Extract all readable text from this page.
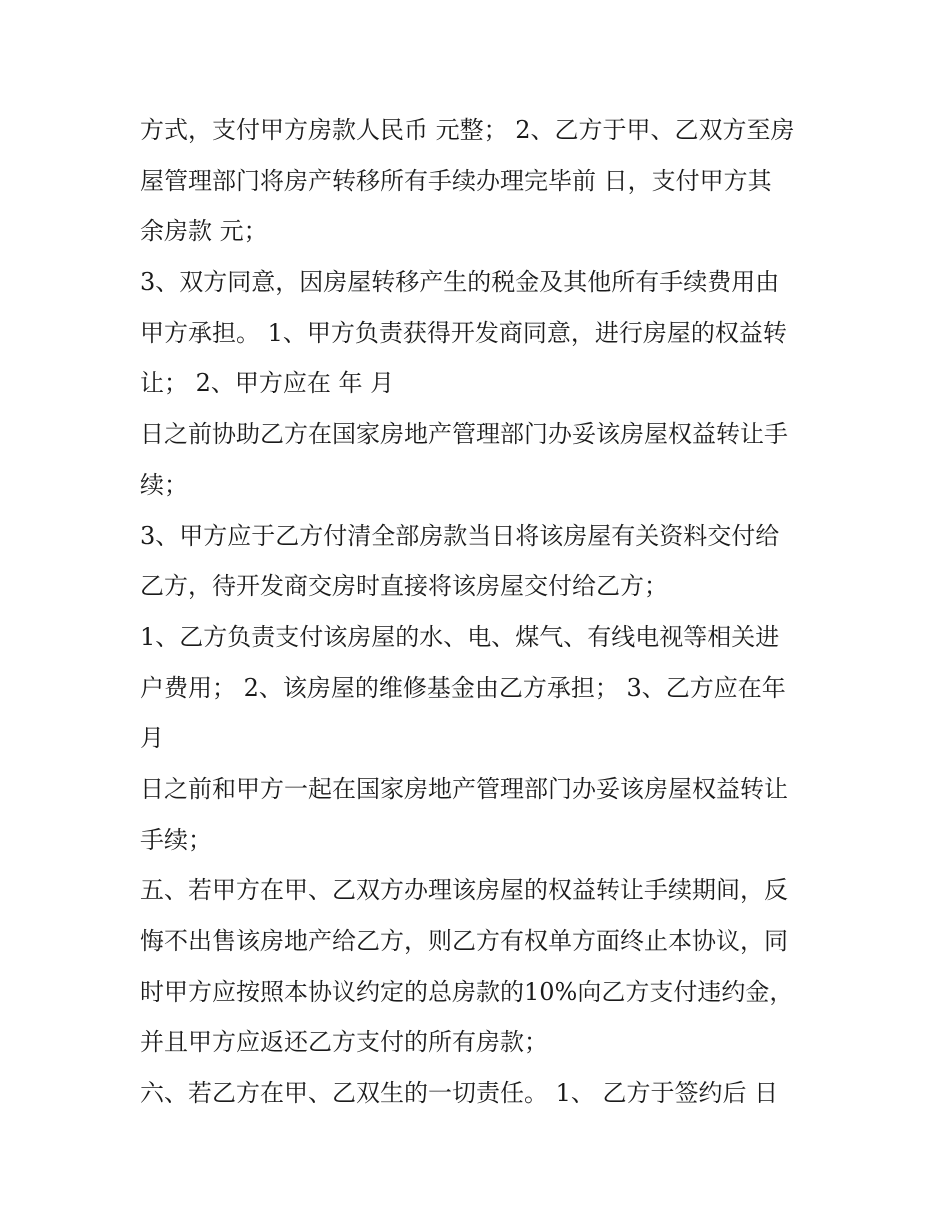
方式，支付甲方房款人民币 元整； 2、乙方于甲、乙双方至房
屋管理部门将房产转移所有手续办理完毕前 日，支付甲方其
余房款 元；
3、双方同意，因房屋转移产生的税金及其他所有手续费用由
甲方承担。 1、甲方负责获得开发商同意，进行房屋的权益转
让； 2、甲方应在 年 月
日之前协助乙方在国家房地产管理部门办妥该房屋权益转让手
续；
3、甲方应于乙方付清全部房款当日将该房屋有关资料交付给
乙方，待开发商交房时直接将该房屋交付给乙方；
1、乙方负责支付该房屋的水、电、煤气、有线电视等相关进
户费用； 2、该房屋的维修基金由乙方承担； 3、乙方应在年
月
日之前和甲方一起在国家房地产管理部门办妥该房屋权益转让
手续；
五、若甲方在甲、乙双方办理该房屋的权益转让手续期间，反
悔不出售该房地产给乙方，则乙方有权单方面终止本协议，同
时甲方应按照本协议约定的总房款的10%向乙方支付违约金，
并且甲方应返还乙方支付的所有房款；
六、若乙方在甲、乙双生的一切责任。 1、 乙方于签约后 日
